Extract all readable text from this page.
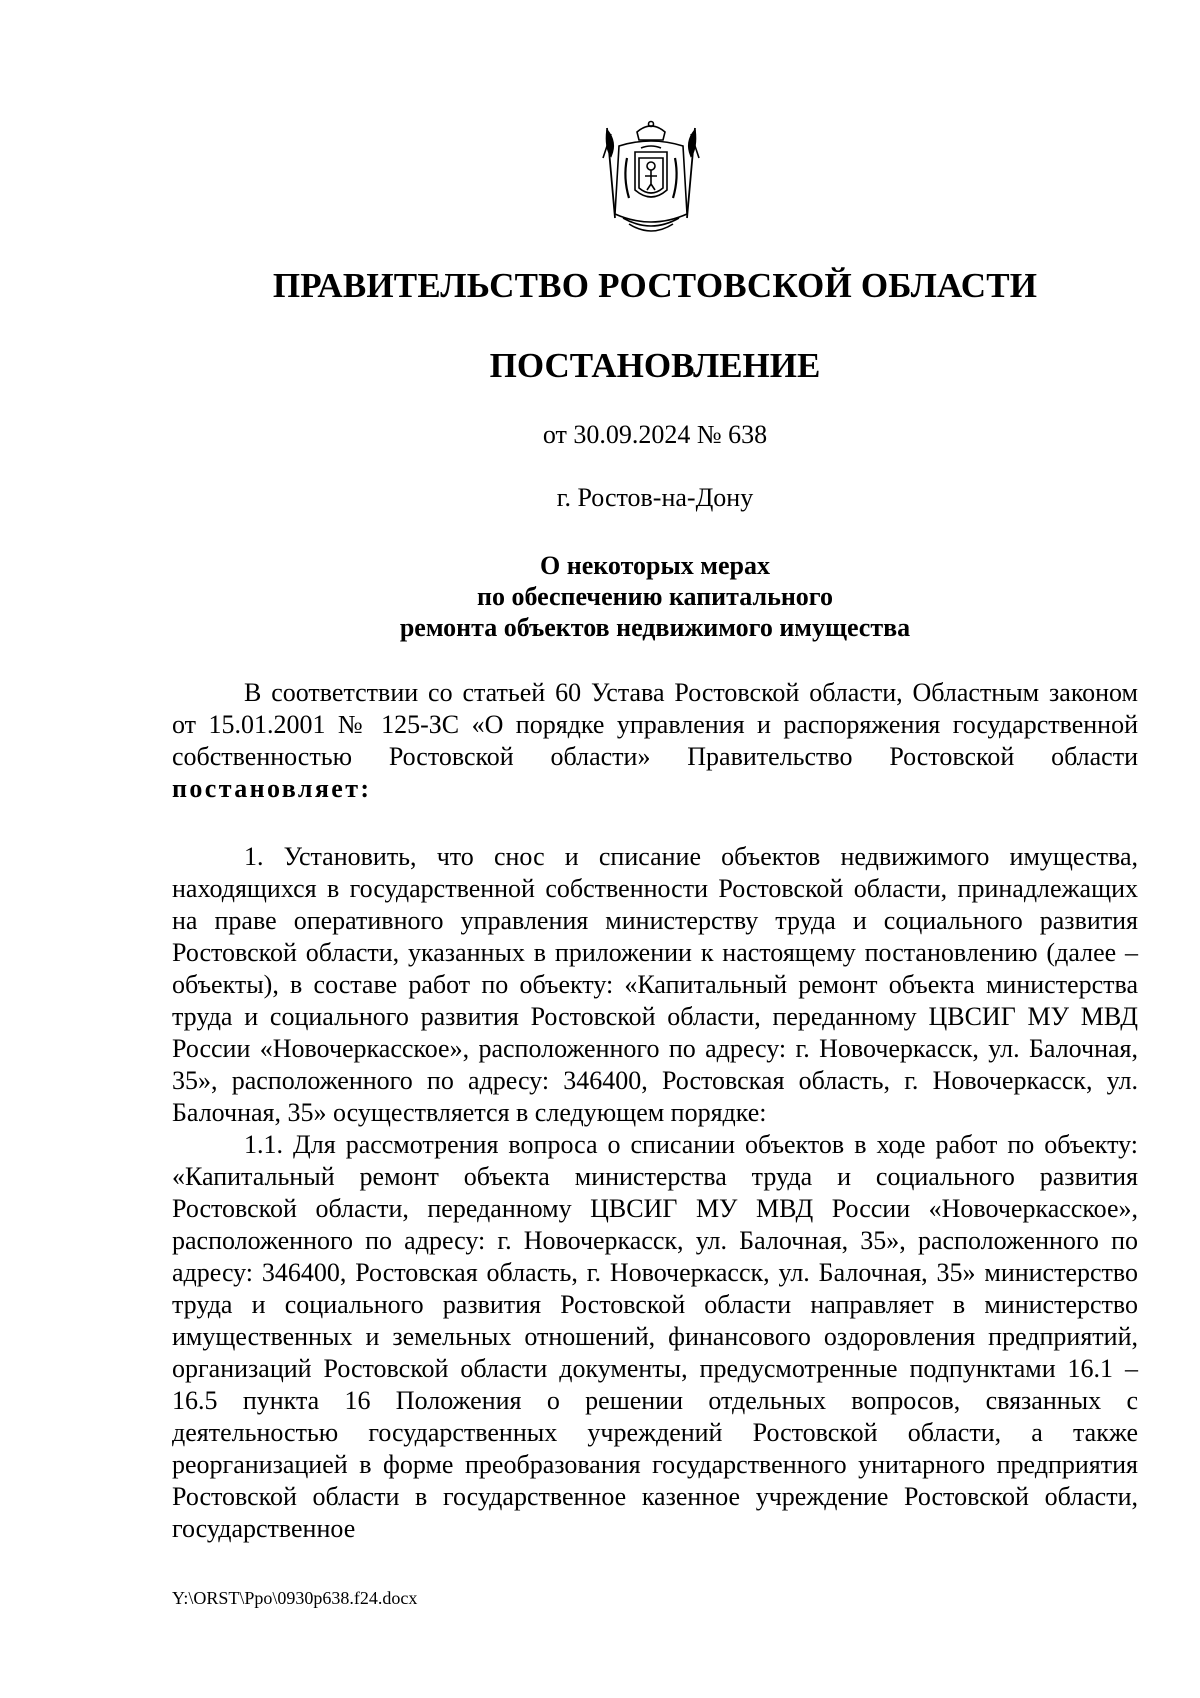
ПРАВИТЕЛЬСТВО РОСТОВСКОЙ ОБЛАСТИ
ПОСТАНОВЛЕНИЕ
от 30.09.2024 № 638
г. Ростов-на-Дону
О некоторых мерах
по обеспечению капитального
ремонта объектов недвижимого имущества

В соответствии со статьей 60 Устава Ростовской области, Областным законом от 15.01.2001 № 125-ЗС «О порядке управления и распоряжения государственной собственностью Ростовской области» Правительство Ростовской области постановляет:

1. Установить, что снос и списание объектов недвижимого имущества, находящихся в государственной собственности Ростовской области, принадлежащих на праве оперативного управления министерству труда и социального развития Ростовской области, указанных в приложении к настоящему постановлению (далее – объекты), в составе работ по объекту: «Капитальный ремонт объекта министерства труда и социального развития Ростовской области, переданному ЦВСИГ МУ МВД России «Новочеркасское», расположенного по адресу: г. Новочеркасск, ул. Балочная, 35», расположенного по адресу: 346400, Ростовская область, г. Новочеркасск, ул. Балочная, 35» осуществляется в следующем порядке:

1.1. Для рассмотрения вопроса о списании объектов в ходе работ по объекту: «Капитальный ремонт объекта министерства труда и социального развития Ростовской области, переданному ЦВСИГ МУ МВД России «Новочеркасское», расположенного по адресу: г. Новочеркасск, ул. Балочная, 35», расположенного по адресу: 346400, Ростовская область, г. Новочеркасск, ул. Балочная, 35» министерство труда и социального развития Ростовской области направляет в министерство имущественных и земельных отношений, финансового оздоровления предприятий, организаций Ростовской области документы, предусмотренные подпунктами 16.1 – 16.5 пункта 16 Положения о решении отдельных вопросов, связанных с деятельностью государственных учреждений Ростовской области, а также реорганизацией в форме преобразования государственного унитарного предприятия Ростовской области в государственное казенное учреждение Ростовской области, государственное

Y:\ORST\Ppo\0930p638.f24.docx
